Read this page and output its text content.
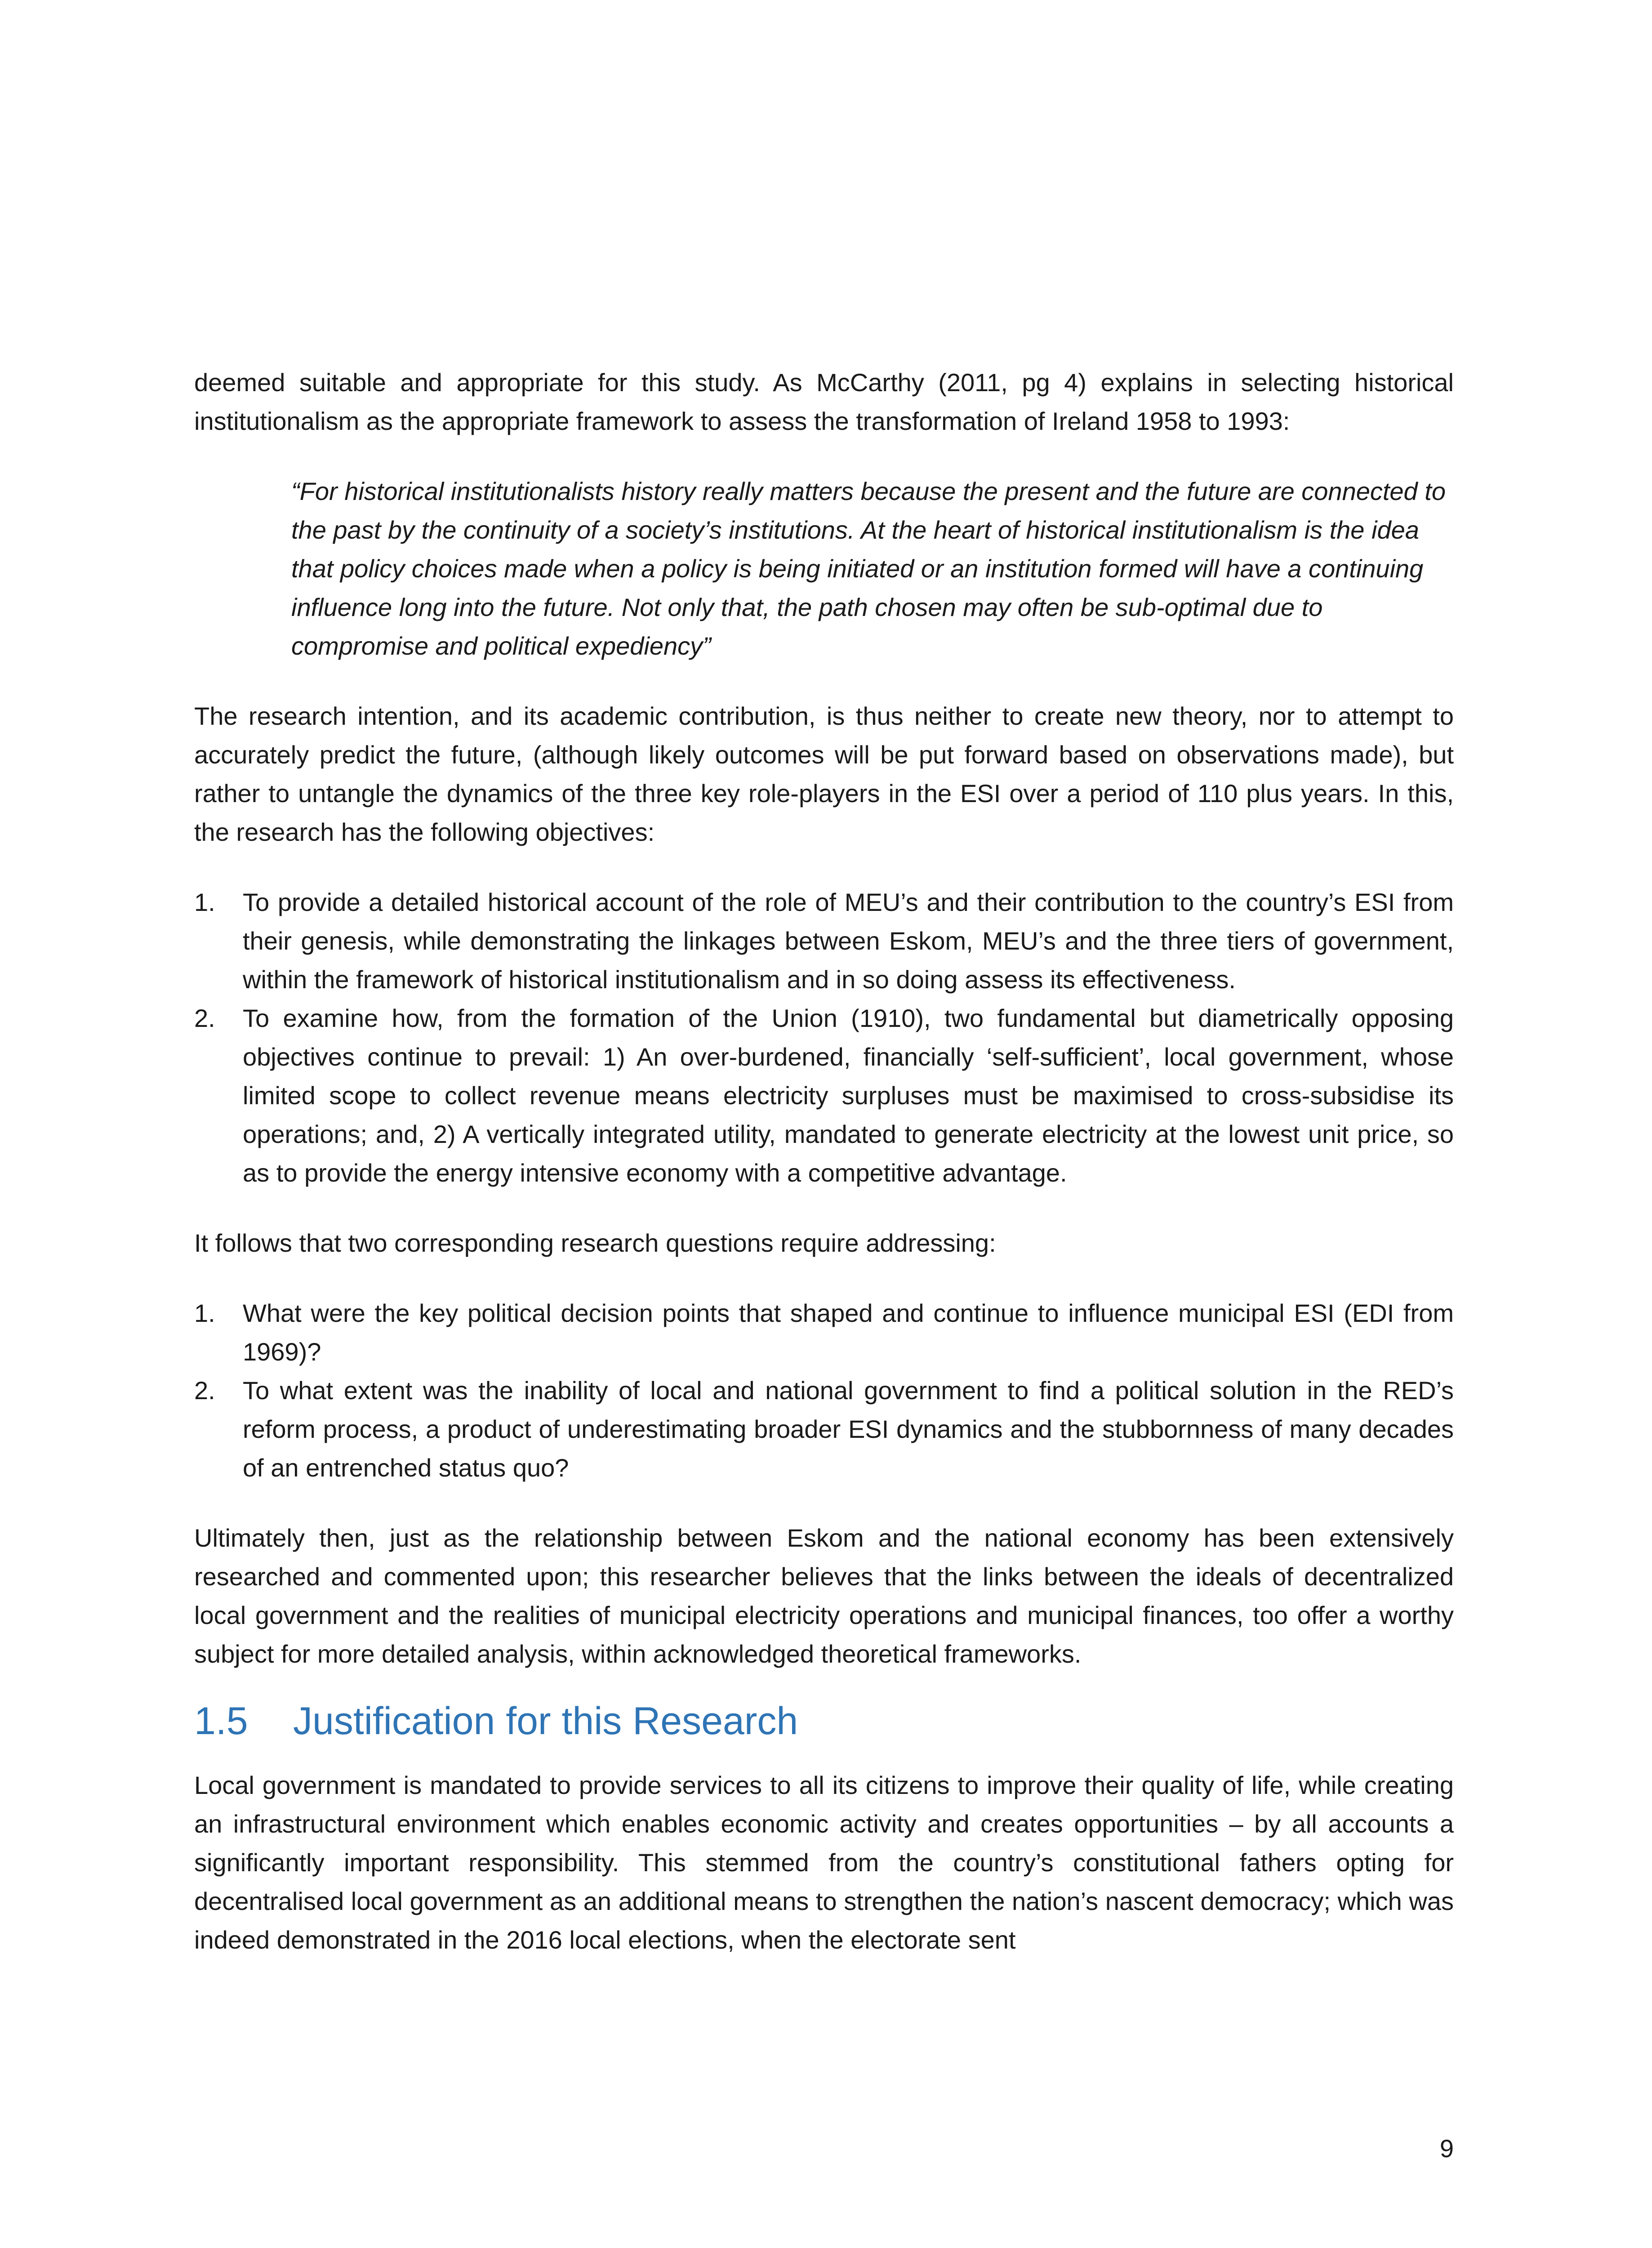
deemed suitable and appropriate for this study. As McCarthy (2011, pg 4) explains in selecting historical institutionalism as the appropriate framework to assess the transformation of Ireland 1958 to 1993:

“For historical institutionalists history really matters because the present and the future are connected to the past by the continuity of a society’s institutions. At the heart of historical institutionalism is the idea that policy choices made when a policy is being initiated or an institution formed will have a continuing influence long into the future. Not only that, the path chosen may often be sub-optimal due to compromise and political expediency”

The research intention, and its academic contribution, is thus neither to create new theory, nor to attempt to accurately predict the future, (although likely outcomes will be put forward based on observations made), but rather to untangle the dynamics of the three key role-players in the ESI over a period of 110 plus years. In this, the research has the following objectives:

1. To provide a detailed historical account of the role of MEU’s and their contribution to the country’s ESI from their genesis, while demonstrating the linkages between Eskom, MEU’s and the three tiers of government, within the framework of historical institutionalism and in so doing assess its effectiveness.
2. To examine how, from the formation of the Union (1910), two fundamental but diametrically opposing objectives continue to prevail: 1) An over-burdened, financially ‘self-sufficient’, local government, whose limited scope to collect revenue means electricity surpluses must be maximised to cross-subsidise its operations; and, 2) A vertically integrated utility, mandated to generate electricity at the lowest unit price, so as to provide the energy intensive economy with a competitive advantage.

It follows that two corresponding research questions require addressing:

1. What were the key political decision points that shaped and continue to influence municipal ESI (EDI from 1969)?
2. To what extent was the inability of local and national government to find a political solution in the RED’s reform process, a product of underestimating broader ESI dynamics and the stubbornness of many decades of an entrenched status quo?

Ultimately then, just as the relationship between Eskom and the national economy has been extensively researched and commented upon; this researcher believes that the links between the ideals of decentralized local government and the realities of municipal electricity operations and municipal finances, too offer a worthy subject for more detailed analysis, within acknowledged theoretical frameworks.

1.5 Justification for this Research

Local government is mandated to provide services to all its citizens to improve their quality of life, while creating an infrastructural environment which enables economic activity and creates opportunities – by all accounts a significantly important responsibility. This stemmed from the country’s constitutional fathers opting for decentralised local government as an additional means to strengthen the nation’s nascent democracy; which was indeed demonstrated in the 2016 local elections, when the electorate sent

9
